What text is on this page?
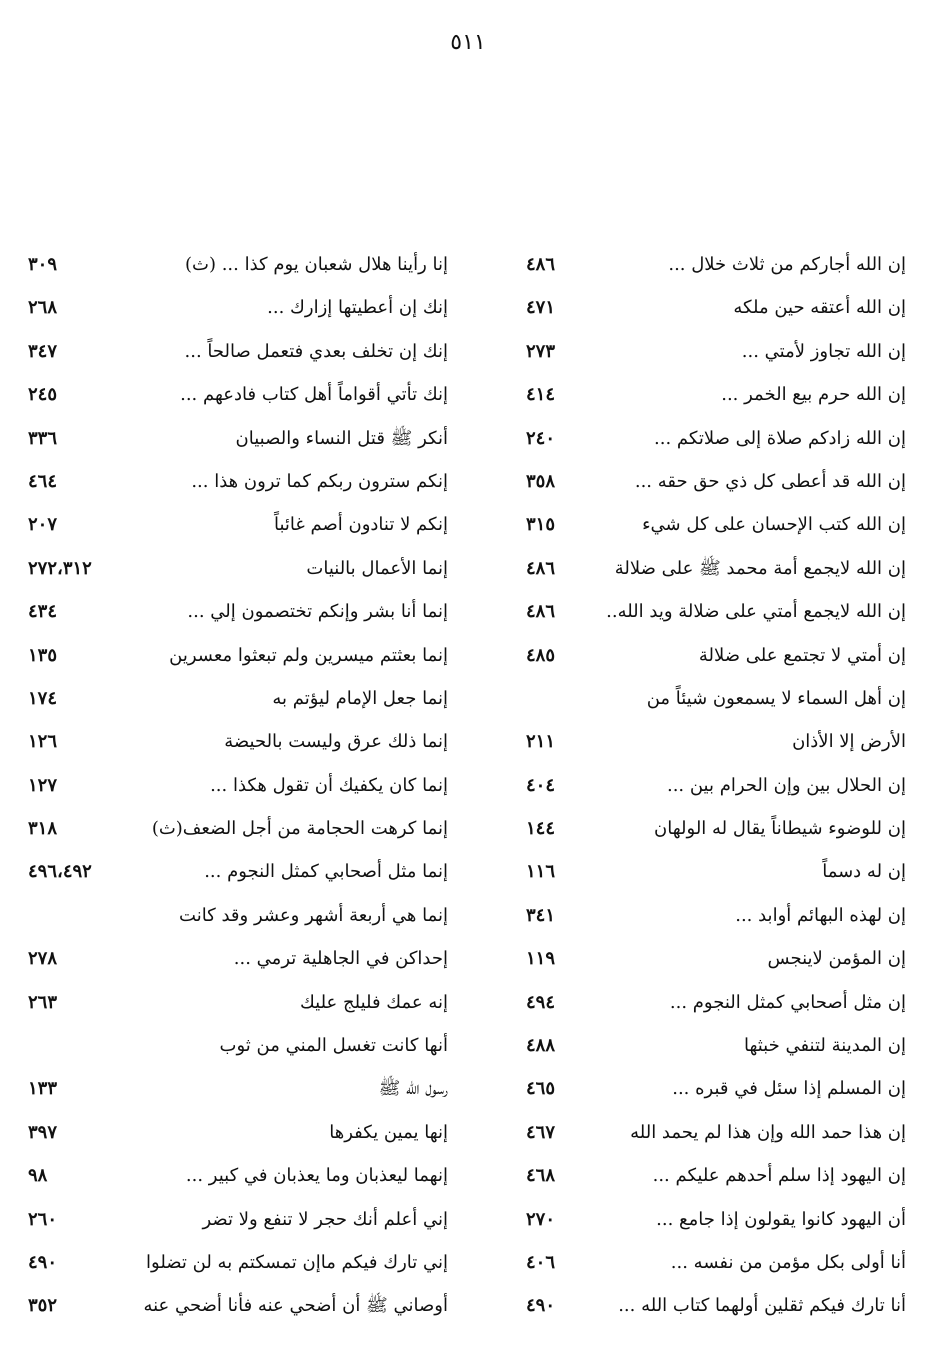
٥١١
إن الله أجاركم من ثلاث خلال ...
٤٨٦
إن الله أعتقه حين ملكه
٤٧١
إن الله تجاوز لأمتي ...
٢٧٣
إن الله حرم بيع الخمر ...
٤١٤
إن الله زادكم صلاة إلى صلاتكم ...
٢٤٠
إن الله قد أعطى كل ذي حق حقه ...
٣٥٨
إن الله كتب الإحسان على كل شيء
٣١٥
إن الله لايجمع أمة محمد ﷺ على ضلالة
٤٨٦
إن الله لايجمع أمتي على ضلالة ويد الله..
٤٨٦
إن أمتي لا تجتمع على ضلالة
٤٨٥
إن أهل السماء لا يسمعون شيئاً من
الأرض إلا الأذان
٢١١
إن الحلال بين وإن الحرام بين ...
٤٠٤
إن للوضوء شيطاناً يقال له الولهان
١٤٤
إن له دسماً
١١٦
إن لهذه البهائم أوابد ...
٣٤١
إن المؤمن لاينجس
١١٩
إن مثل أصحابي كمثل النجوم ...
٤٩٤
إن المدينة لتنفي خبثها
٤٨٨
إن المسلم إذا سئل في قبره ...
٤٦٥
إن هذا حمد الله وإن هذا لم يحمد الله
٤٦٧
إن اليهود إذا سلم أحدهم عليكم ...
٤٦٨
أن اليهود كانوا يقولون إذا جامع ...
٢٧٠
أنا أولى بكل مؤمن من نفسه ...
٤٠٦
أنا تارك فيكم ثقلين أولهما كتاب الله ...
٤٩٠
إنا رأينا هلال شعبان يوم كذا ... (ث)
٣٠٩
إنك إن أعطيتها إزارك ...
٢٦٨
إنك إن تخلف بعدي فتعمل صالحاً ...
٣٤٧
إنك تأتي أقواماً أهل كتاب فادعهم ...
٢٤٥
أنكر ﷺ قتل النساء والصبيان
٣٣٦
إنكم سترون ربكم كما ترون هذا ...
٤٦٤
إنكم لا تنادون أصم غائباً
٢٠٧
إنما الأعمال بالنيات
٢٧٢،٣١٢
إنما أنا بشر وإنكم تختصمون إلي ...
٤٣٤
إنما بعثتم ميسرين ولم تبعثوا معسرين
١٣٥
إنما جعل الإمام ليؤتم به
١٧٤
إنما ذلك عرق وليست بالحيضة
١٢٦
إنما كان يكفيك أن تقول هكذا ...
١٢٧
إنما كرهت الحجامة من أجل الضعف(ث)
٣١٨
إنما مثل أصحابي كمثل النجوم ...
٤٩٦،٤٩٢
إنما هي أربعة أشهر وعشر وقد كانت
إحداكن في الجاهلية ترمي ...
٢٧٨
إنه عمك فليلج عليك
٢٦٣
أنها كانت تغسل المني من ثوب
رسول الله ﷺ
١٣٣
إنها يمين يكفرها
٣٩٧
إنهما ليعذبان وما يعذبان في كبير ...
٩٨
إني أعلم أنك حجر لا تنفع ولا تضر
٢٦٠
إني تارك فيكم ماإن تمسكتم به لن تضلوا
٤٩٠
أوصاني ﷺ أن أضحي عنه فأنا أضحي عنه
٣٥٢
